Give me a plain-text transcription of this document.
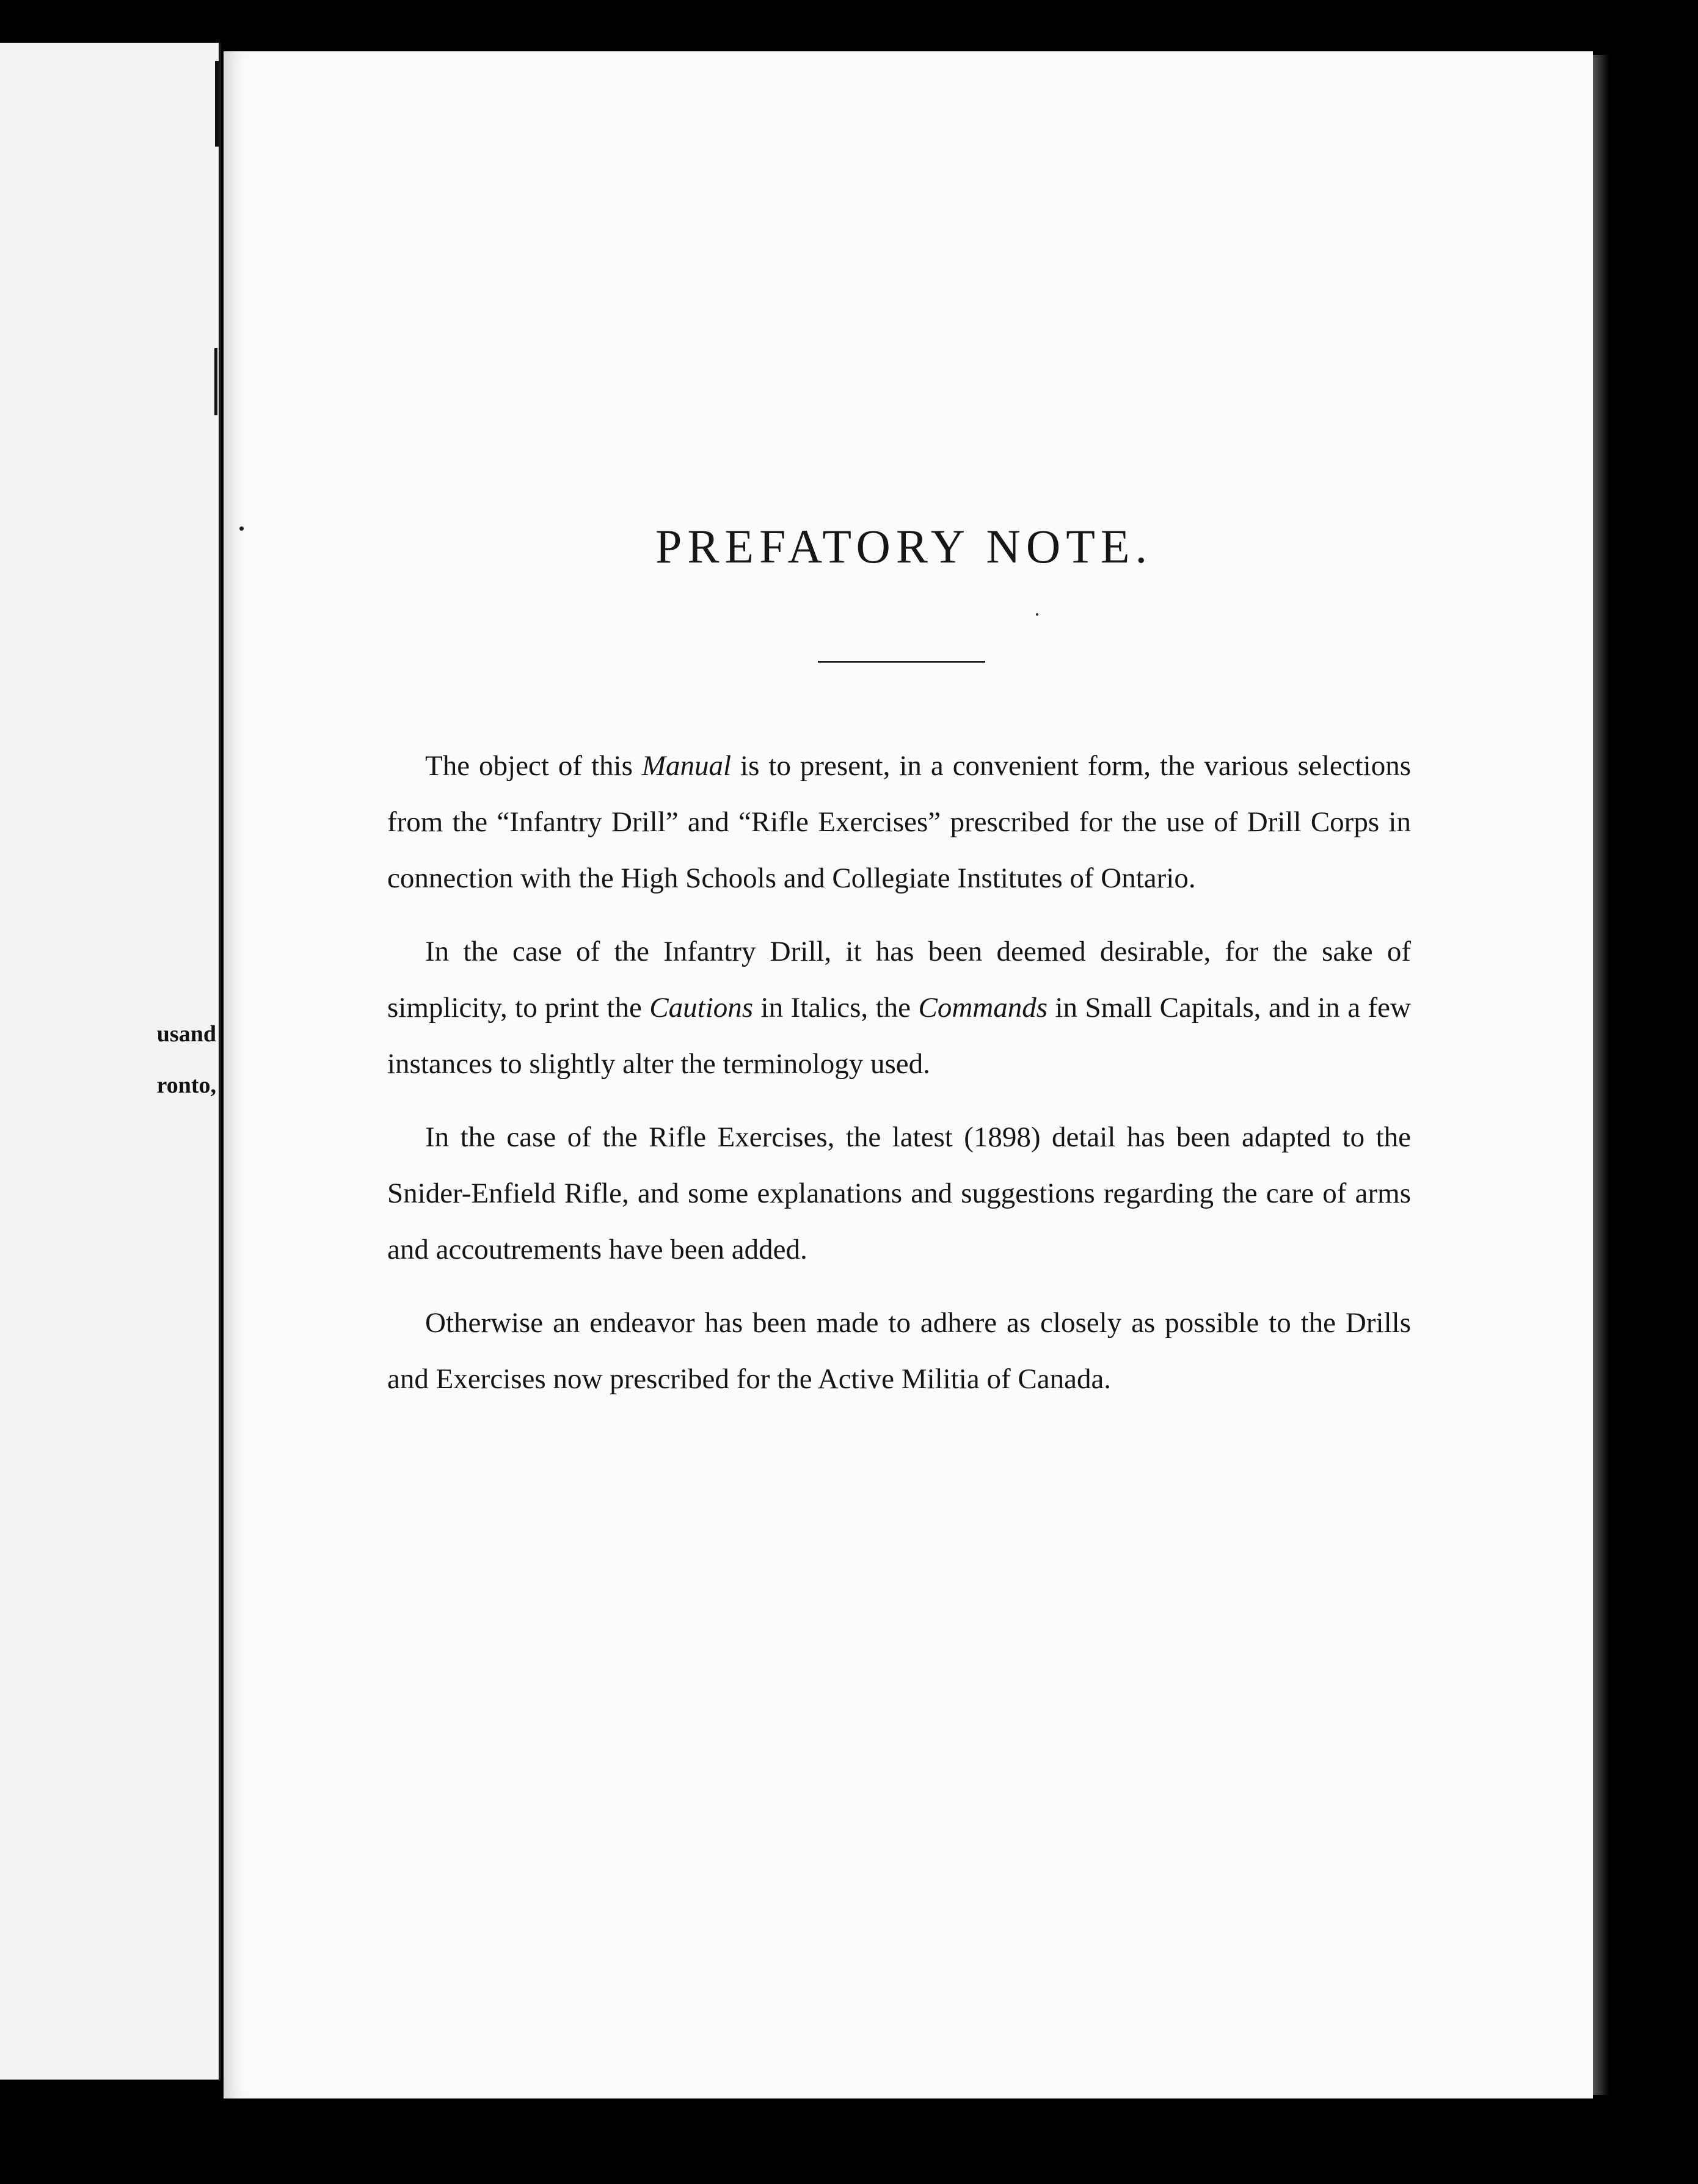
usand
ronto,
PREFATORY NOTE.

The object of this Manual is to present, in a convenient form, the various selections from the “Infantry Drill” and “Rifle Exercises” prescribed for the use of Drill Corps in connection with the High Schools and Collegiate Institutes of Ontario.

In the case of the Infantry Drill, it has been deemed desirable, for the sake of simplicity, to print the Cautions in Italics, the Commands in Small Capitals, and in a few instances to slightly alter the terminology used.

In the case of the Rifle Exercises, the latest (1898) detail has been adapted to the Snider-Enfield Rifle, and some explanations and suggestions regarding the care of arms and accoutrements have been added.

Otherwise an endeavor has been made to adhere as closely as possible to the Drills and Exercises now prescribed for the Active Militia of Canada.
